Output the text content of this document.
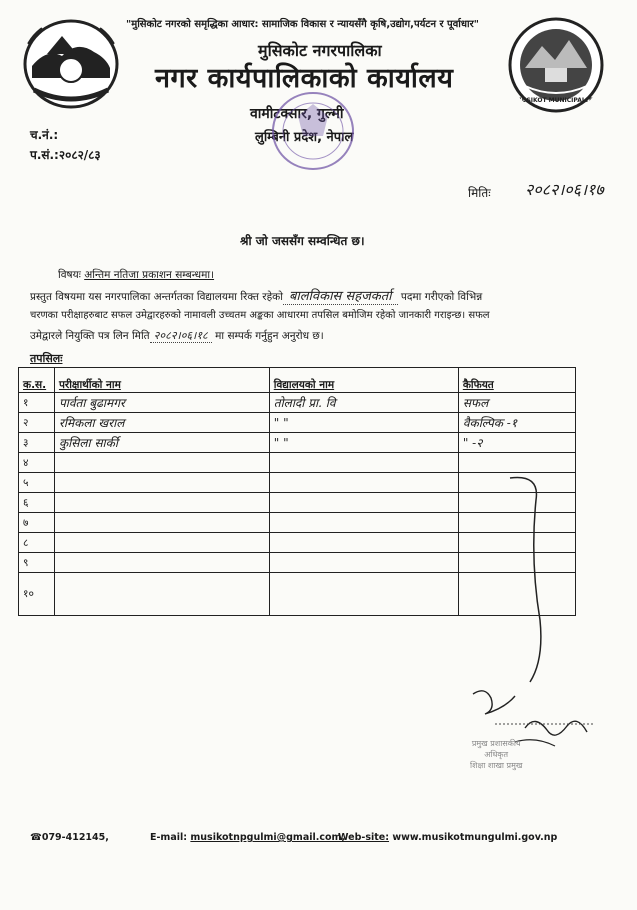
MUSIKOT MUNICIPALITY
"मुसिकोट नगरको समृद्धिका आधार: सामाजिक विकास र न्यायसँगै कृषि,उद्योग,पर्यटन र पूर्वाधार"
मुसिकोट नगरपालिका
नगर कार्यपालिकाको कार्यालय
वामीटक्सार, गुल्मी
लुम्बिनी प्रदेश, नेपाल
च.नं.:
प.सं.:२०८२/८३
मितिः २०८२।०६।१७
श्री जो जससँग सम्वन्धित छ।
विषयः अन्तिम नतिजा प्रकाशन सम्बन्धमा।
प्रस्तुत विषयमा यस नगरपालिका अन्तर्गतका विद्यालयमा रिक्त रहेको बालविकास सहजकर्ता पदमा गरीएको विभिन्न
चरणका परीक्षाहरुबाट सफल उमेद्वारहरुको नामावली उच्चतम अङ्कका आधारमा तपसिल बमोजिम रहेको जानकारी गराइन्छ। सफल
उमेद्वारले नियुक्ति पत्र लिन मिति २०८२।०६।१८ मा सम्पर्क गर्नुहुन अनुरोध छ।
तपसिलः
क.स.	परीक्षार्थीको नाम	विद्यालयको नाम	कैफियत
१	पार्वता बुढामगर	तोलादी प्रा. वि	सफल
२	रमिकला खराल	" "	वैकल्पिक -१
३	कुसिला सार्की	" "	" -२
४			
५			
६			
७			
८			
९			
१०			
प्रमुख प्रशासकीय
अधिकृत
शिक्षा शाखा प्रमुख
☎079-412145,	E-mail: musikotnpgulmi@gmail.com,
Web-site: www.musikotmungulmi.gov.np
